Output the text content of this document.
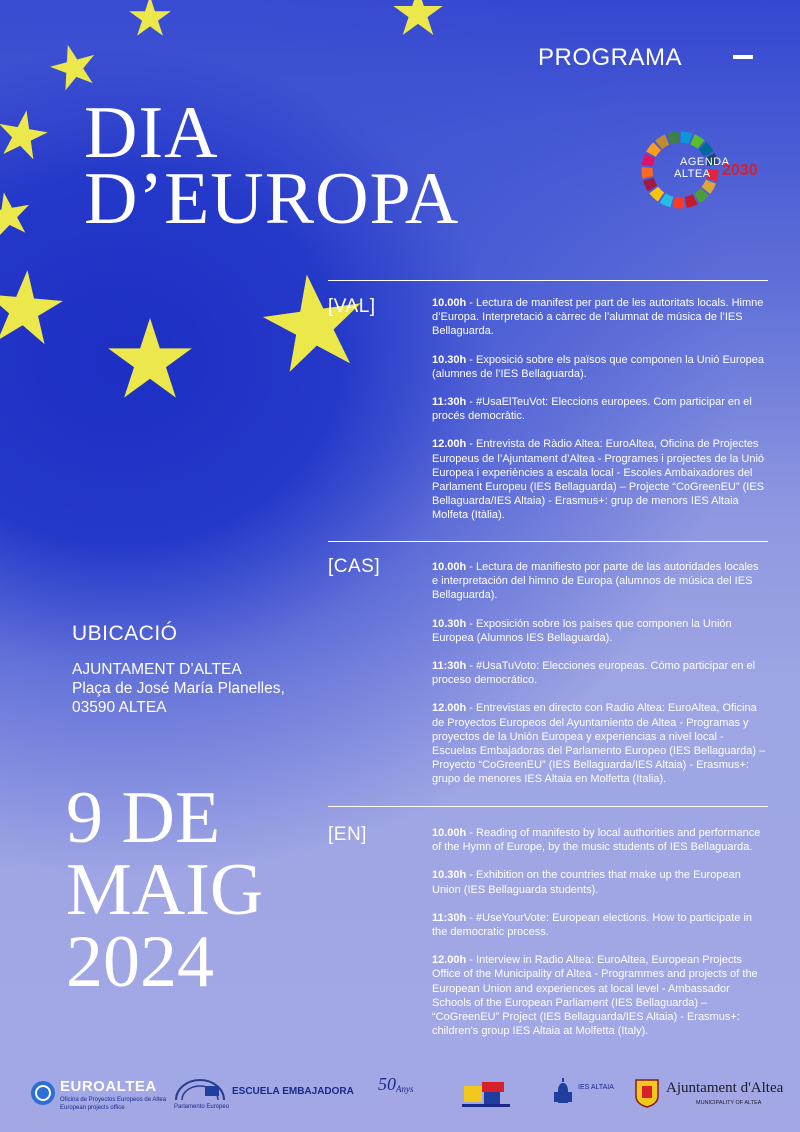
PROGRAMA
DIA
D’EUROPA	AGENDA
ALTEA 2030
[VAL]	10.00h - Lectura de manifest per part de les autoritats locals. Himne d’Europa. Interpretació a càrrec de l’alumnat de música de l’IES Bellaguarda.
10.30h - Exposició sobre els països que componen la Unió Europea (alumnes de l’IES Bellaguarda).
11:30h - #UsaElTeuVot: Eleccions europees. Com participar en el procés democràtic.
12.00h - Entrevista de Ràdio Altea: EuroAltea, Oficina de Projectes Europeus de l’Ajuntament d’Altea - Programes i projectes de la Unió Europea i experiències a escala local - Escoles Ambaixadores del Parlament Europeu (IES Bellaguarda) – Projecte “CoGreenEU” (IES Bellaguarda/IES Altaia) - Erasmus+: grup de menors IES Altaia Molfeta (Itàlia).
[CAS]	10.00h - Lectura de manifiesto por parte de las autoridades locales e interpretación del himno de Europa (alumnos de música del IES Bellaguarda).
10.30h - Exposición sobre los países que componen la Unión Europea (Alumnos IES Bellaguarda).
11:30h - #UsaTuVoto: Elecciones europeas. Cómo participar en el proceso democrático.
12.00h - Entrevistas en directo con Radio Altea: EuroAltea, Oficina de Proyectos Europeos del Ayuntamiento de Altea - Programas y proyectos de la Unión Europea y experiencias a nivel local - Escuelas Embajadoras del Parlamento Europeo (IES Bellaguarda) – Proyecto “CoGreenEU” (IES Bellaguarda/IES Altaia) - Erasmus+: grupo de menores IES Altaia en Molfetta (Italia).
[EN]	10.00h - Reading of manifesto by local authorities and performance of the Hymn of Europe, by the music students of IES Bellaguarda.
10.30h - Exhibition on the countries that make up the European Union (IES Bellaguarda students).
11:30h - #UseYourVote: European elections. How to participate in the democratic process.
12.00h - Interview in Radio Altea: EuroAltea, European Projects Office of the Municipality of Altea - Programmes and projects of the European Union and experiences at local level - Ambassador Schools of the European Parliament (IES Bellaguarda) – “CoGreenEU” Project (IES Bellaguarda/IES Altaia) - Erasmus+: children’s group IES Altaia at Molfetta (Italy).
UBICACIÓ
AJUNTAMENT D’ALTEA
Plaça de José María Planelles,
03590 ALTEA
9 DE
MAIG
2024
EUROALTEA
Oficina de Proyectos Europeos de Altea
European projects office	Parlamento Europeo
ESCUELA EMBAJADORA 50 Anys	IES ALTAIA	Ajuntament d'Altea
MUNICIPALITY OF ALTEA
